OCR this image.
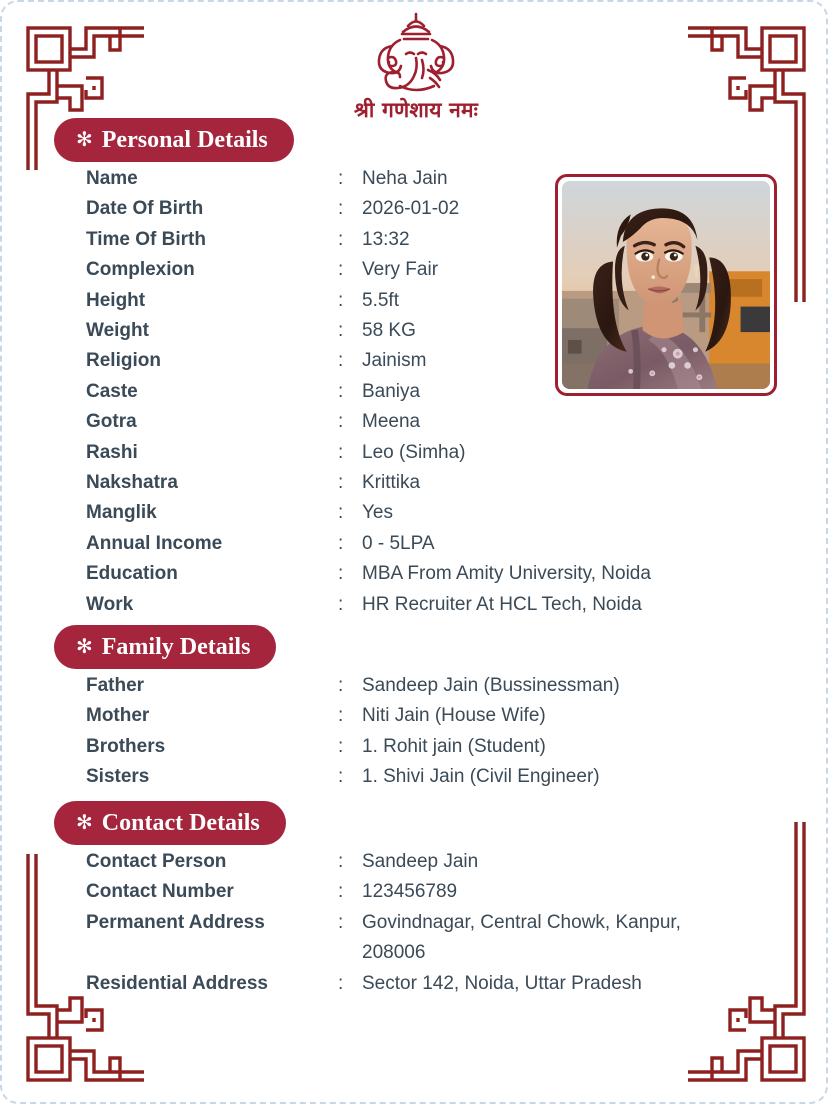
श्री गणेशाय नमः
✻ Personal Details
Name	: Neha Jain
Date Of Birth	: 2026-01-02
Time Of Birth	: 13:32
Complexion	: Very Fair
Height	: 5.5ft
Weight	: 58 KG
Religion	: Jainism
Caste	: Baniya
Gotra	: Meena
Rashi	: Leo (Simha)
Nakshatra	: Krittika
Manglik	: Yes
Annual Income	: 0 - 5LPA
Education	: MBA From Amity University, Noida
Work	: HR Recruiter At HCL Tech, Noida
✻ Family Details
Father	: Sandeep Jain (Bussinessman)
Mother	: Niti Jain (House Wife)
Brothers	: 1. Rohit jain (Student)
Sisters	: 1. Shivi Jain (Civil Engineer)
✻ Contact Details
Contact Person	: Sandeep Jain
Contact Number	: 123456789
Permanent Address	: Govindnagar, Central Chowk, Kanpur, 208006
Residential Address	: Sector 142, Noida, Uttar Pradesh
